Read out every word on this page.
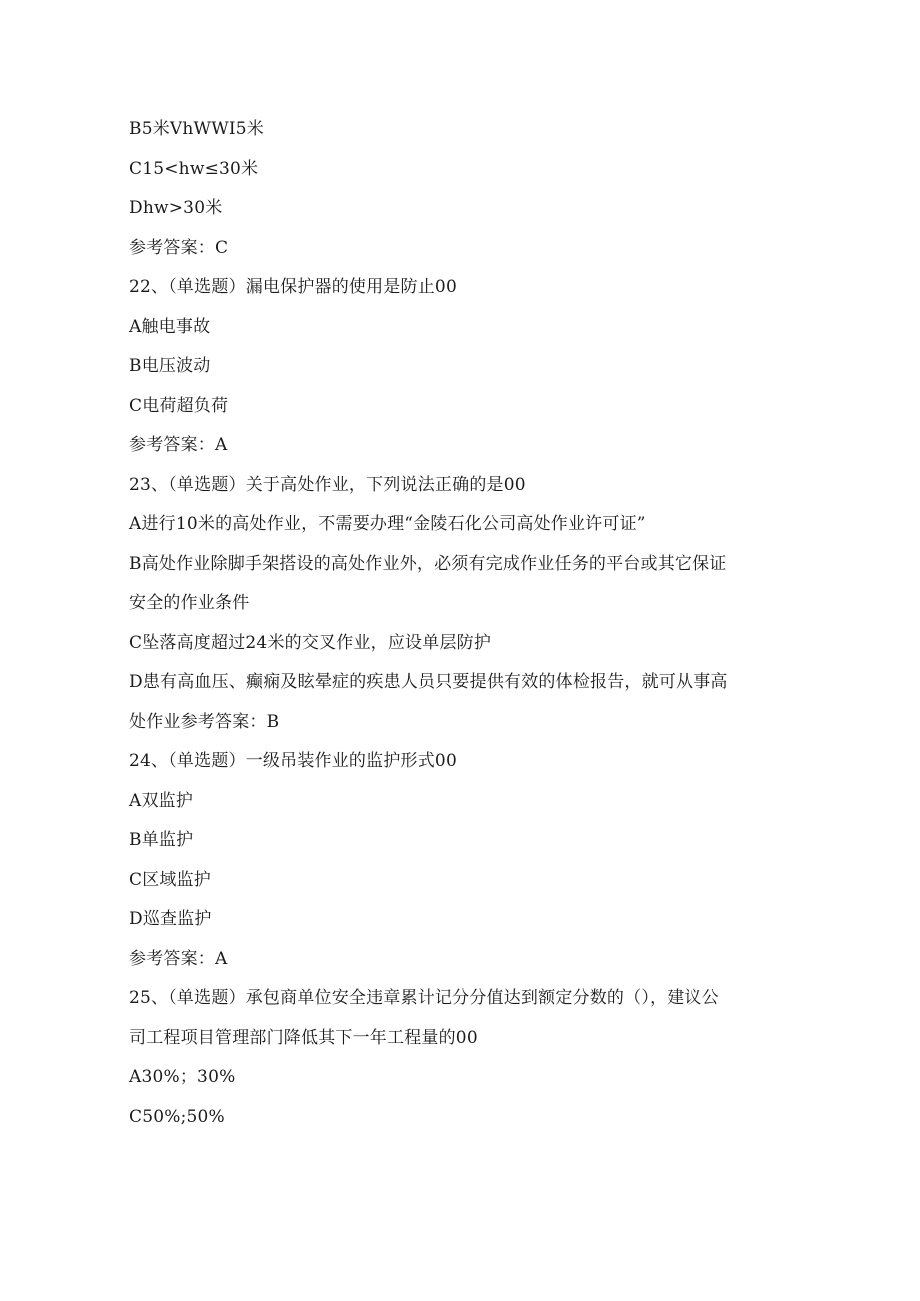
B5米VhWWI5米
C15<hw≤30米
Dhw>30米
参考答案：C
22、（单选题）漏电保护器的使用是防止00
A触电事故
B电压波动
C电荷超负荷
参考答案：A
23、（单选题）关于高处作业，下列说法正确的是00
A进行10米的高处作业，不需要办理“金陵石化公司高处作业许可证”
B高处作业除脚手架搭设的高处作业外，必须有完成作业任务的平台或其它保证
安全的作业条件
C坠落高度超过24米的交叉作业，应设单层防护
D患有高血压、癫痫及眩晕症的疾患人员只要提供有效的体检报告，就可从事高
处作业参考答案：B
24、（单选题）一级吊装作业的监护形式00
A双监护
B单监护
C区域监护
D巡查监护
参考答案：A
25、（单选题）承包商单位安全违章累计记分分值达到额定分数的（），建议公
司工程项目管理部门降低其下一年工程量的00
A30%；30%
C50%;50%
